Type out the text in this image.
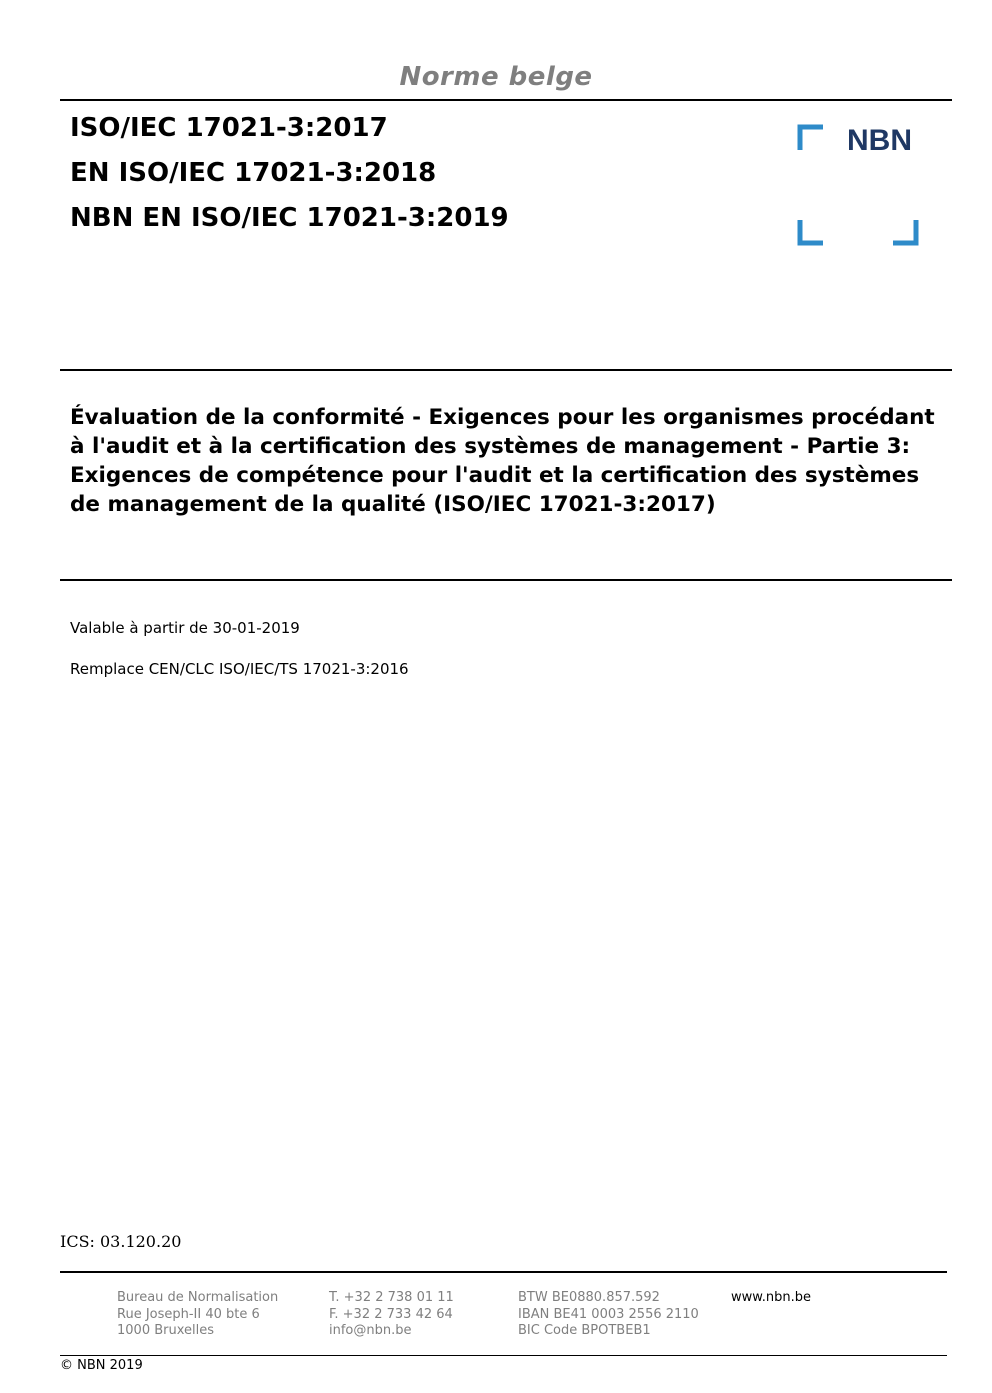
Norme belge
ISO/IEC 17021-3:2017
EN ISO/IEC 17021-3:2018
NBN EN ISO/IEC 17021-3:2019
NBN
Évaluation de la conformité - Exigences pour les organismes procédant à l'audit et à la certification des systèmes de management - Partie 3: Exigences de compétence pour l'audit et la certification des systèmes de management de la qualité (ISO/IEC 17021-3:2017)
Valable à partir de 30-01-2019
Remplace CEN/CLC ISO/IEC/TS 17021-3:2016
ICS: 03.120.20
Bureau de Normalisation
Rue Joseph-II 40 bte 6
1000 Bruxelles
T. +32 2 738 01 11
F. +32 2 733 42 64
info@nbn.be
BTW BE0880.857.592
IBAN BE41 0003 2556 2110
BIC Code BPOTBEB1
www.nbn.be
© NBN 2019
